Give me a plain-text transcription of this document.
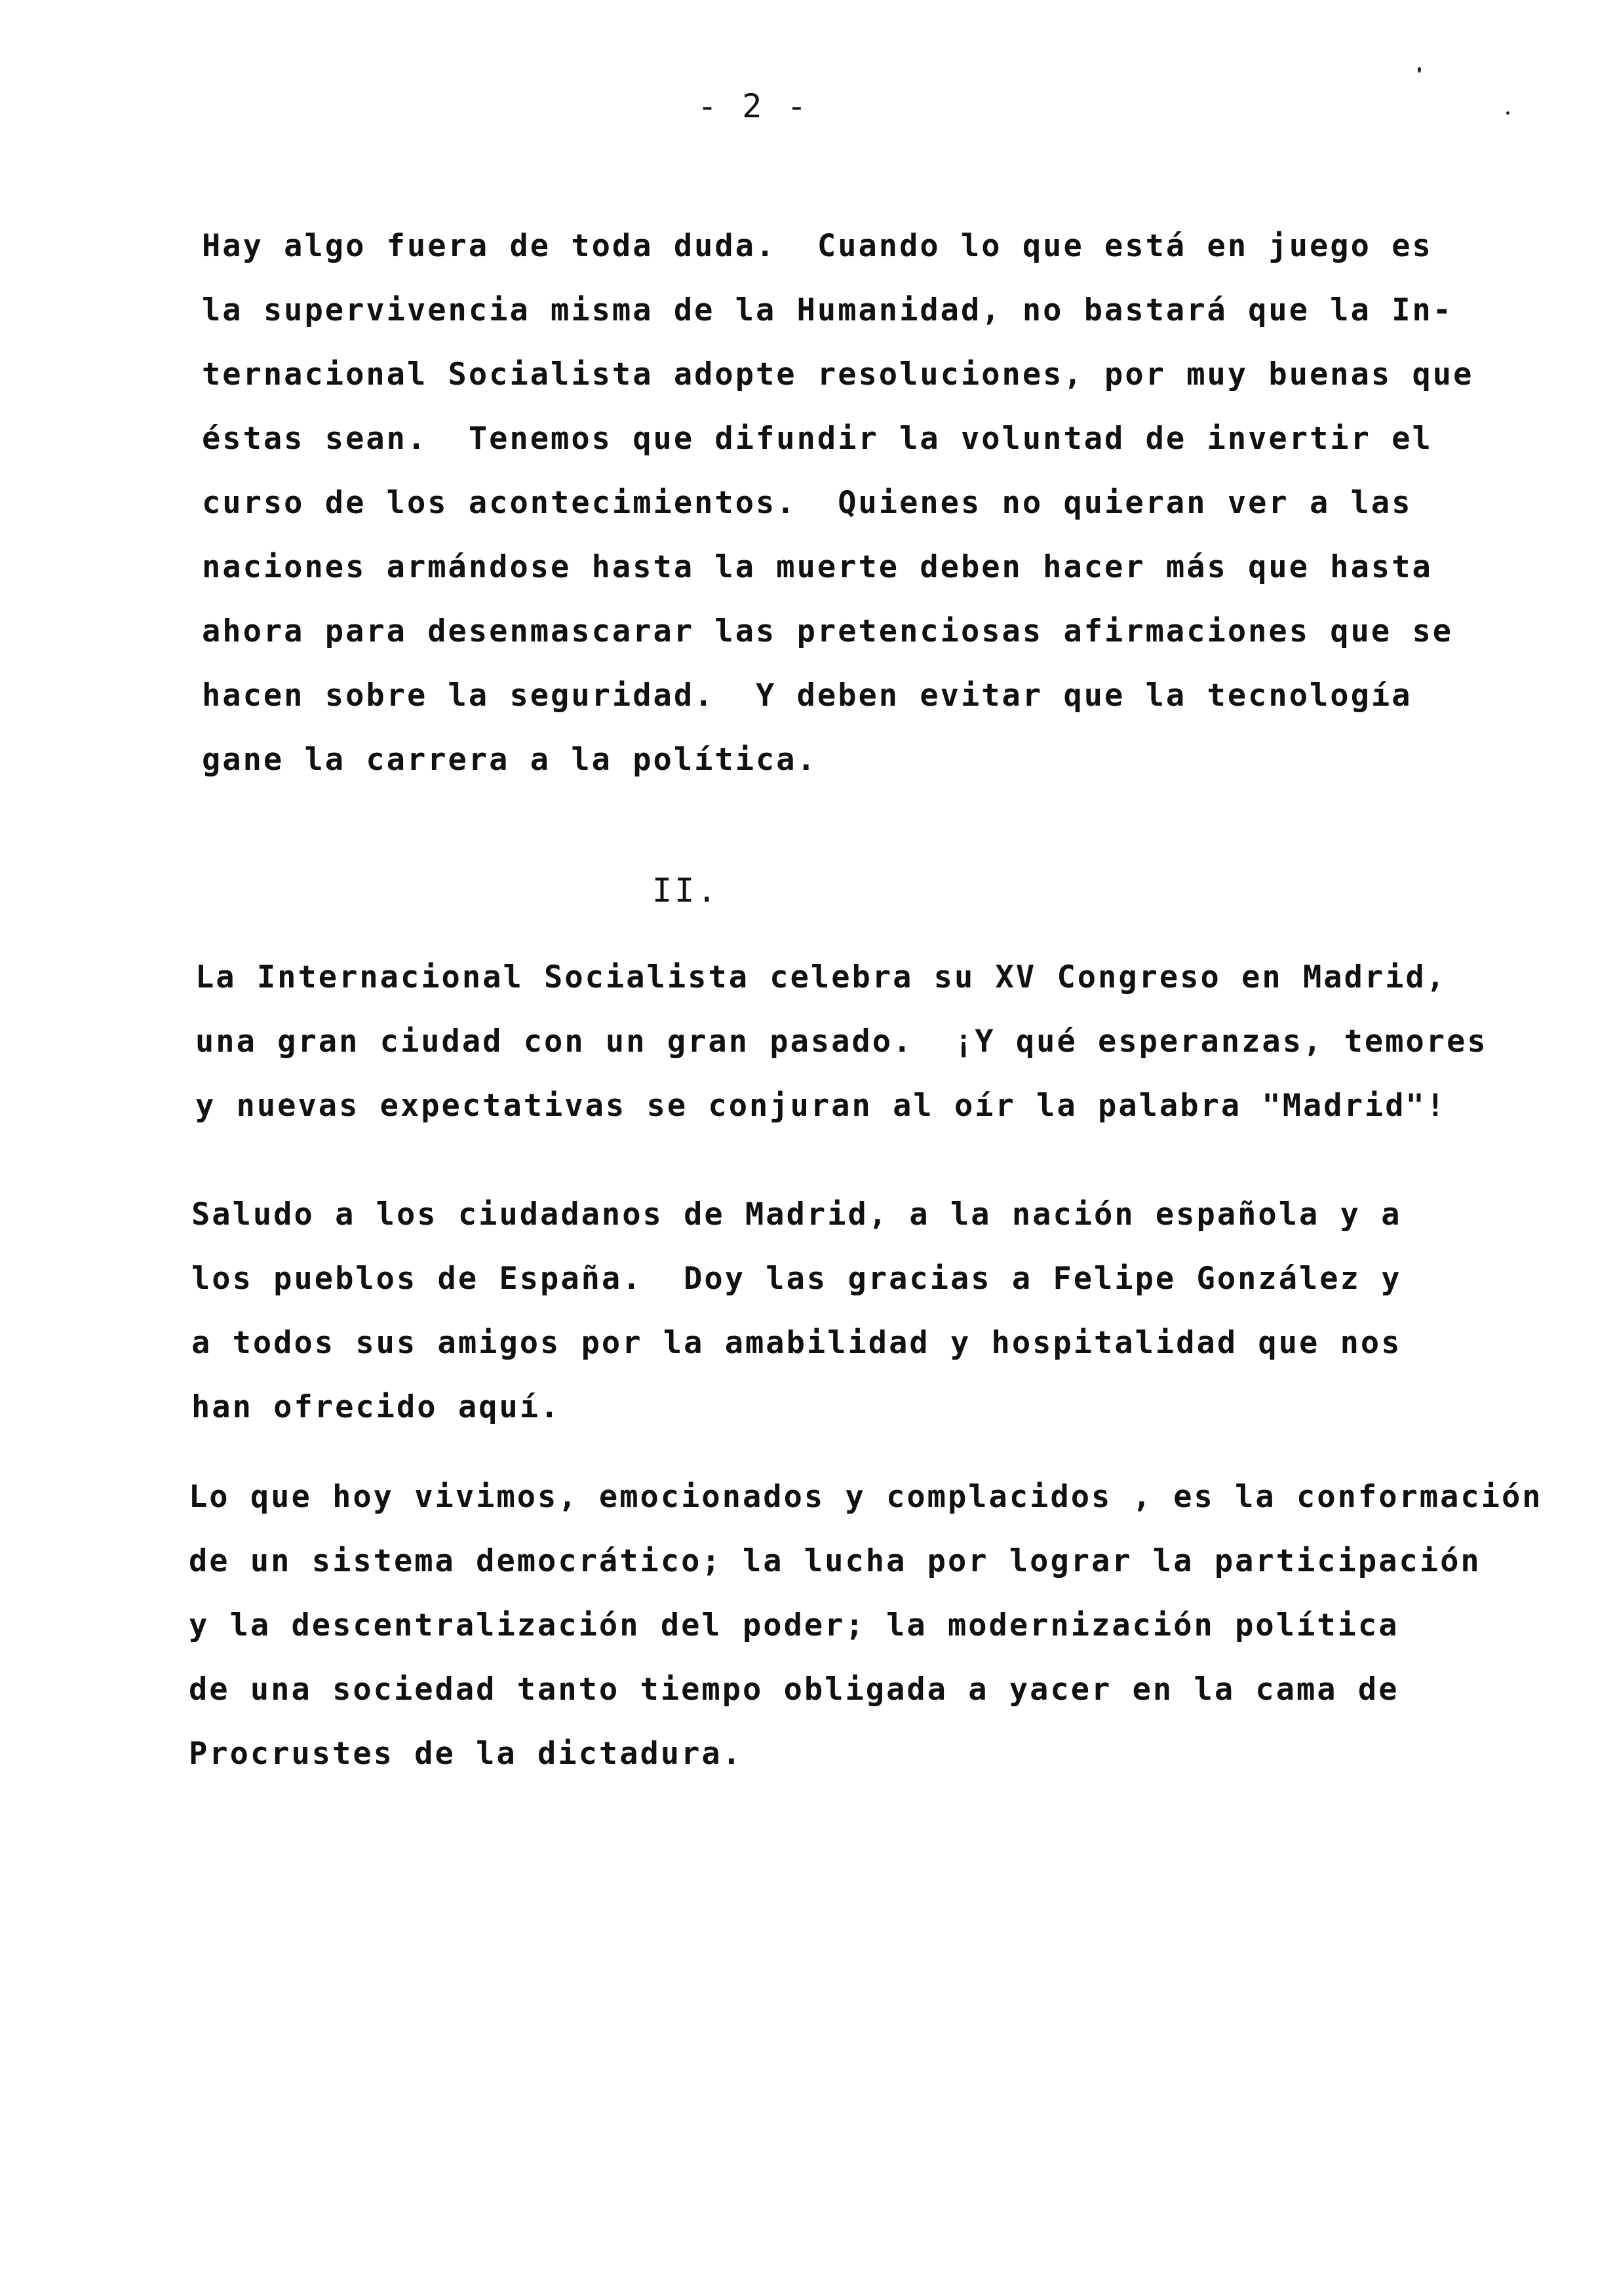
- 2 -
Hay algo fuera de toda duda.  Cuando lo que está en juego es
la supervivencia misma de la Humanidad, no bastará que la In-
ternacional Socialista adopte resoluciones, por muy buenas que
éstas sean.  Tenemos que difundir la voluntad de invertir el
curso de los acontecimientos.  Quienes no quieran ver a las
naciones armándose hasta la muerte deben hacer más que hasta
ahora para desenmascarar las pretenciosas afirmaciones que se
hacen sobre la seguridad.  Y deben evitar que la tecnología
gane la carrera a la política.
II.
La Internacional Socialista celebra su XV Congreso en Madrid,
una gran ciudad con un gran pasado.  ¡Y qué esperanzas, temores
y nuevas expectativas se conjuran al oír la palabra "Madrid"!
Saludo a los ciudadanos de Madrid, a la nación española y a
los pueblos de España.  Doy las gracias a Felipe González y
a todos sus amigos por la amabilidad y hospitalidad que nos
han ofrecido aquí.
Lo que hoy vivimos, emocionados y complacidos , es la conformación
de un sistema democrático; la lucha por lograr la participación
y la descentralización del poder; la modernización política
de una sociedad tanto tiempo obligada a yacer en la cama de
Procrustes de la dictadura.
